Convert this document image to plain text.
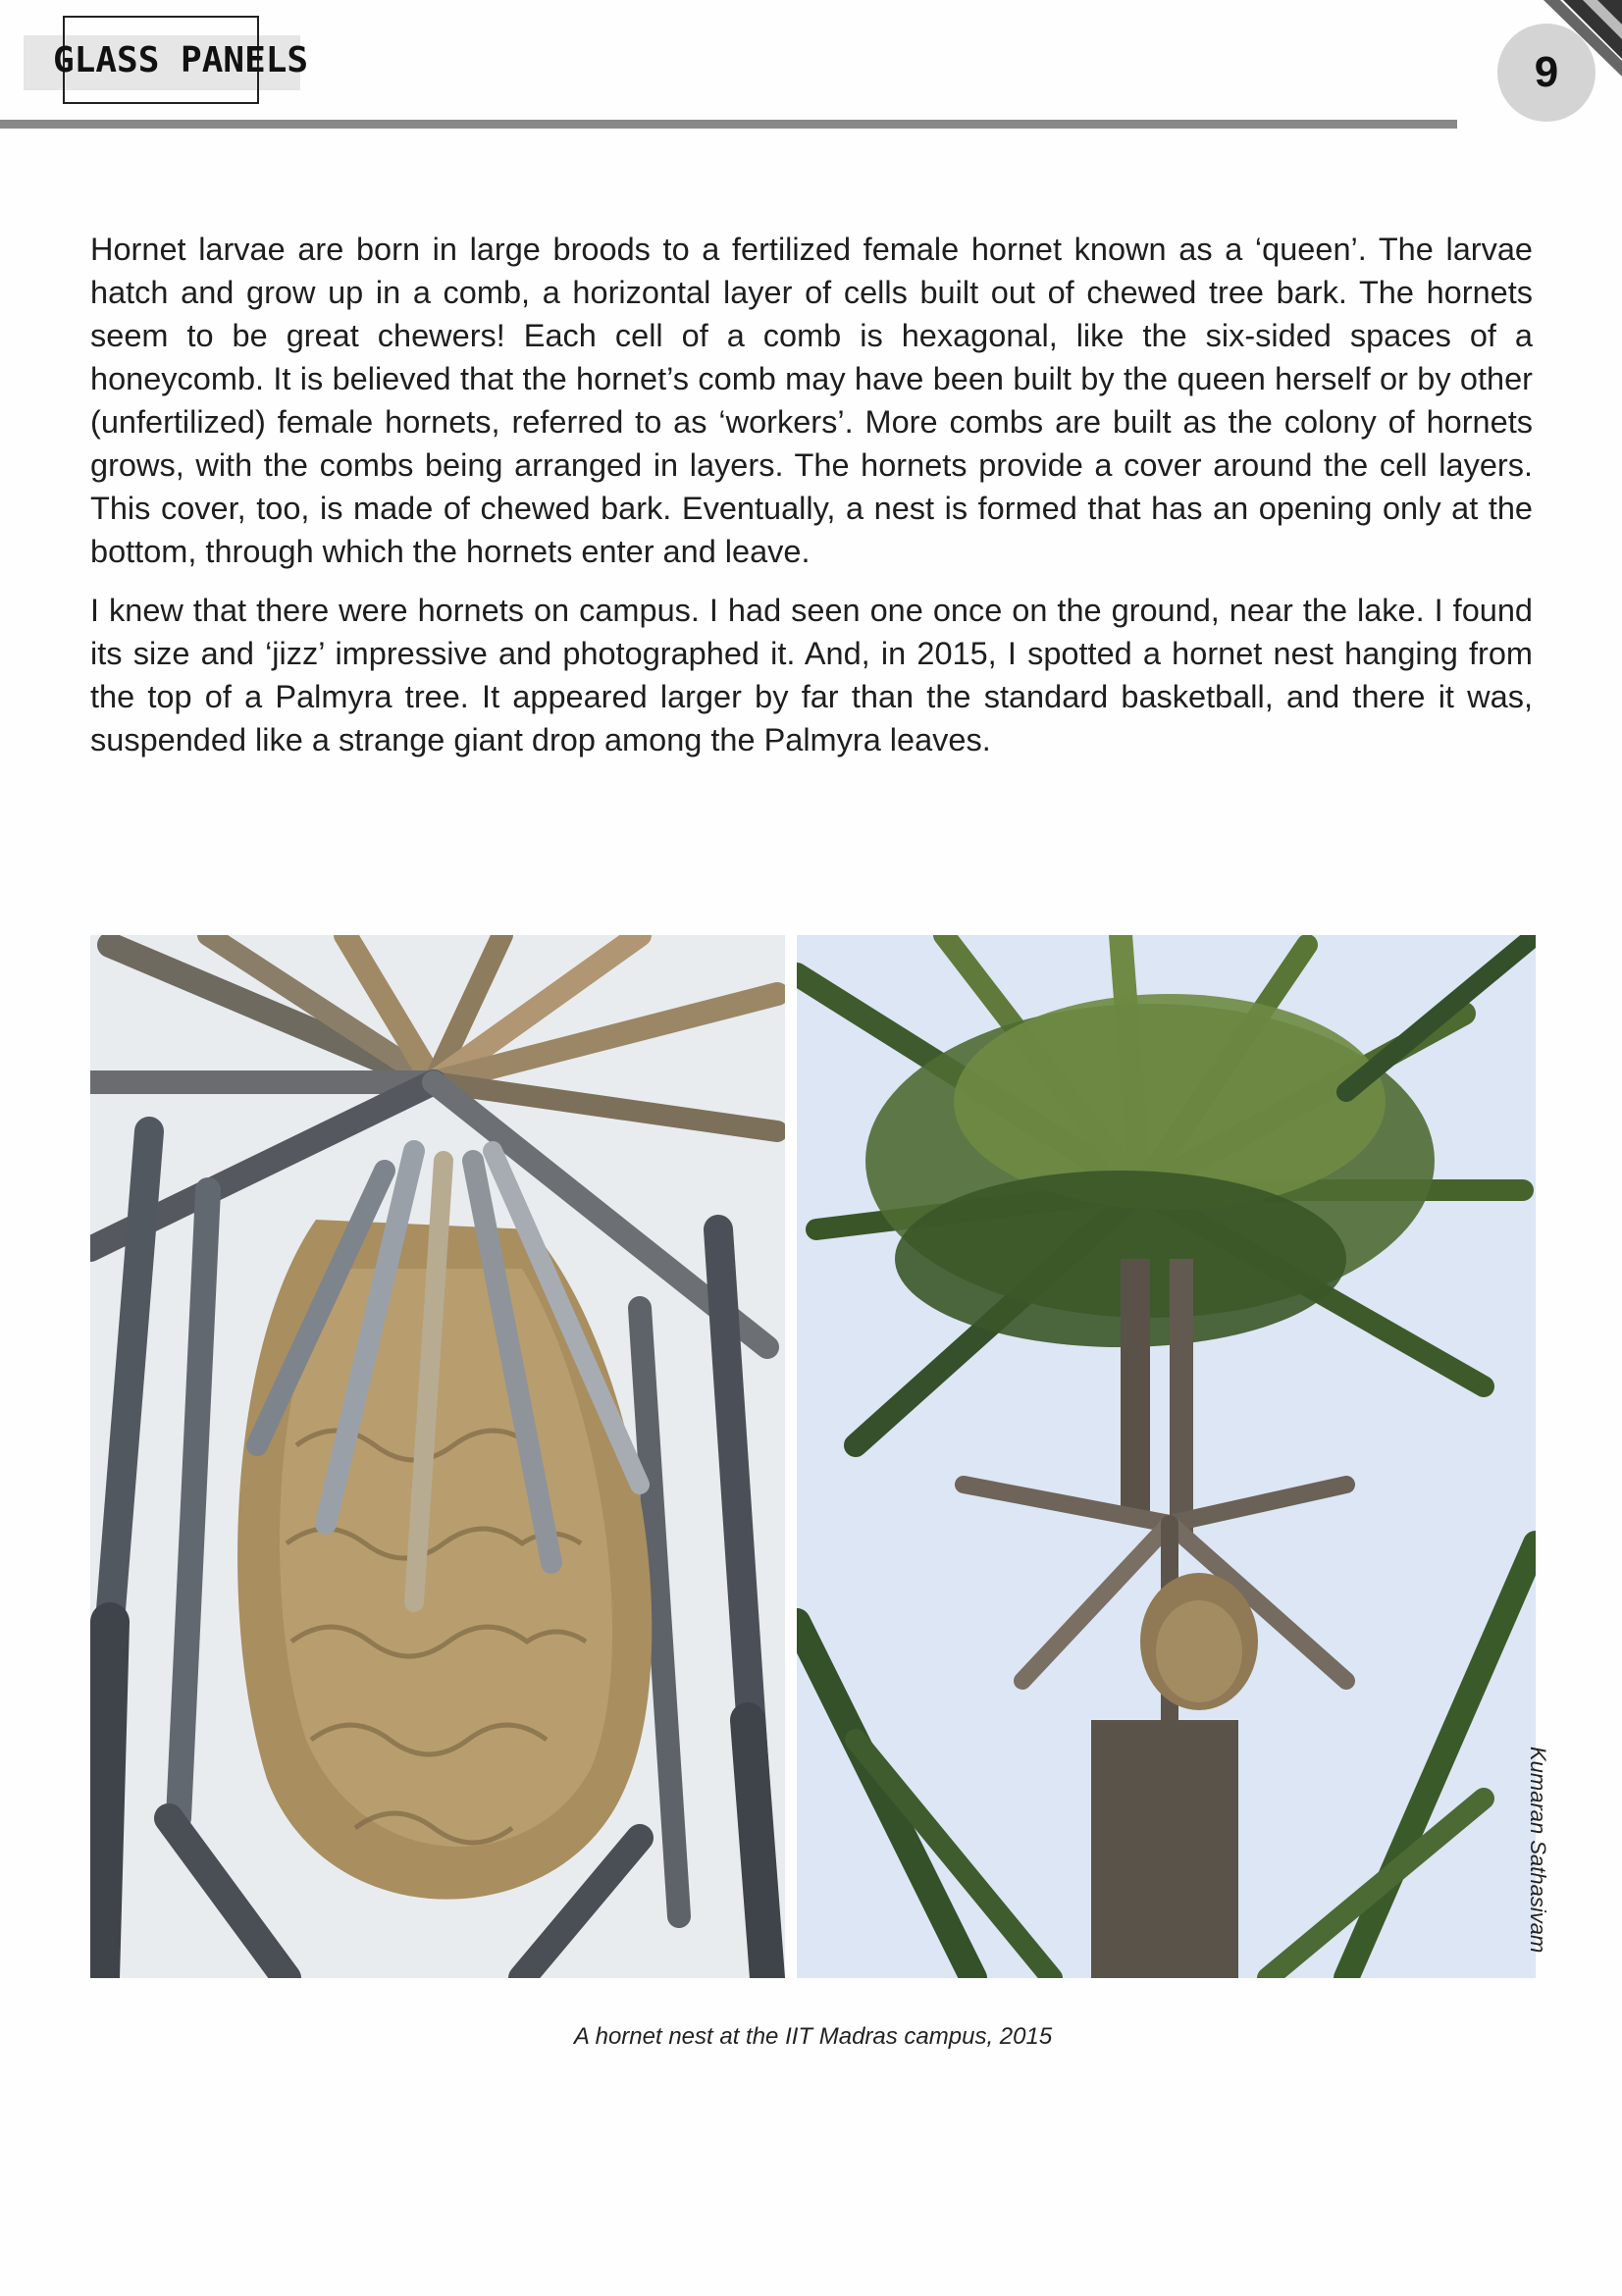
GLASS PANELS	9

Hornet larvae are born in large broods to a fertilized female hornet known as a ‘queen’. The larvae hatch and grow up in a comb, a horizontal layer of cells built out of chewed tree bark. The hornets seem to be great chewers! Each cell of a comb is hexagonal, like the six-sided spaces of a honeycomb. It is believed that the hornet’s comb may have been built by the queen herself or by other (unfertilized) female hornets, referred to as ‘workers’. More combs are built as the colony of hornets grows, with the combs being arranged in layers. The hornets provide a cover around the cell layers. This cover, too, is made of chewed bark. Eventually, a nest is formed that has an opening only at the bottom, through which the hornets enter and leave.

I knew that there were hornets on campus. I had seen one once on the ground, near the lake. I found its size and ‘jizz’ impressive and photographed it. And, in 2015, I spotted a hornet nest hanging from the top of a Palmyra tree. It appeared larger by far than the standard basketball, and there it was, suspended like a strange giant drop among the Palmyra leaves.

Kumaran Sathasivam
A hornet nest at the IIT Madras campus, 2015
